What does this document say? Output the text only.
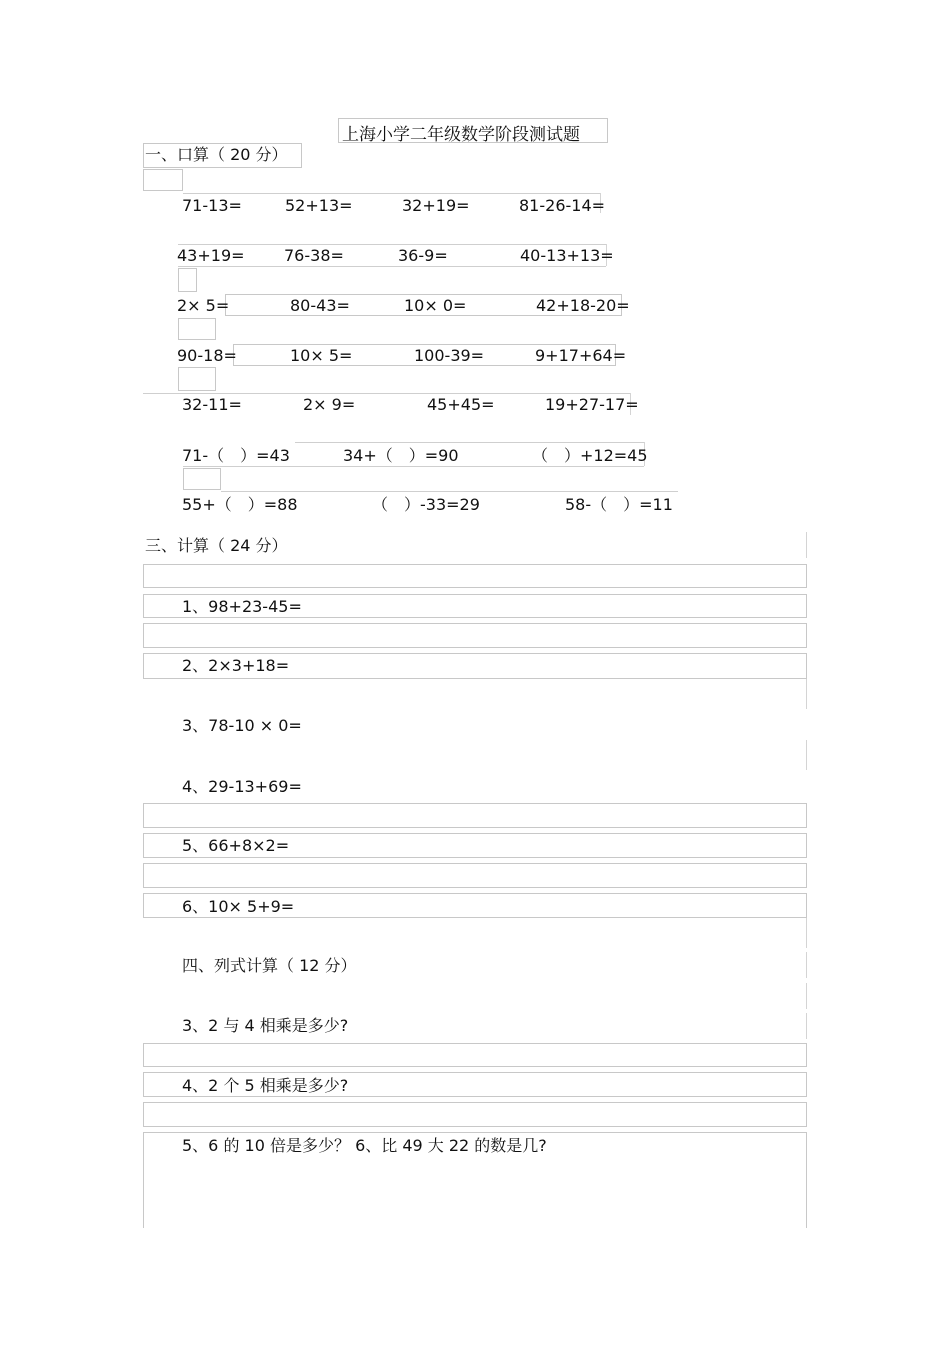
上海小学二年级数学阶段测试题
一、口算（ 20 分）
71-13=	52+13=	32+19=	81-26-14=
43+19= 76-38=	36-9=	40-13+13=
2× 5=	80-43=	10× 0=	42+18-20=
90-18=	10× 5=	100-39=	9+17+64=
32-11=	2× 9=	45+45=	19+27-17=
71-（　）=43	34+（　）=90	（　）+12=45
55+（　）=88	（　）-33=29	58-（　）=11
三、计算（ 24 分）
1、98+23-45=
2、2×3+18=
3、78-10 × 0=
4、29-13+69=
5、66+8×2=
6、10× 5+9=
四、列式计算（ 12 分）
3、2 与 4 相乘是多少?
4、2 个 5 相乘是多少?
5、6 的 10 倍是多少？ 6、比 49 大 22 的数是几?
